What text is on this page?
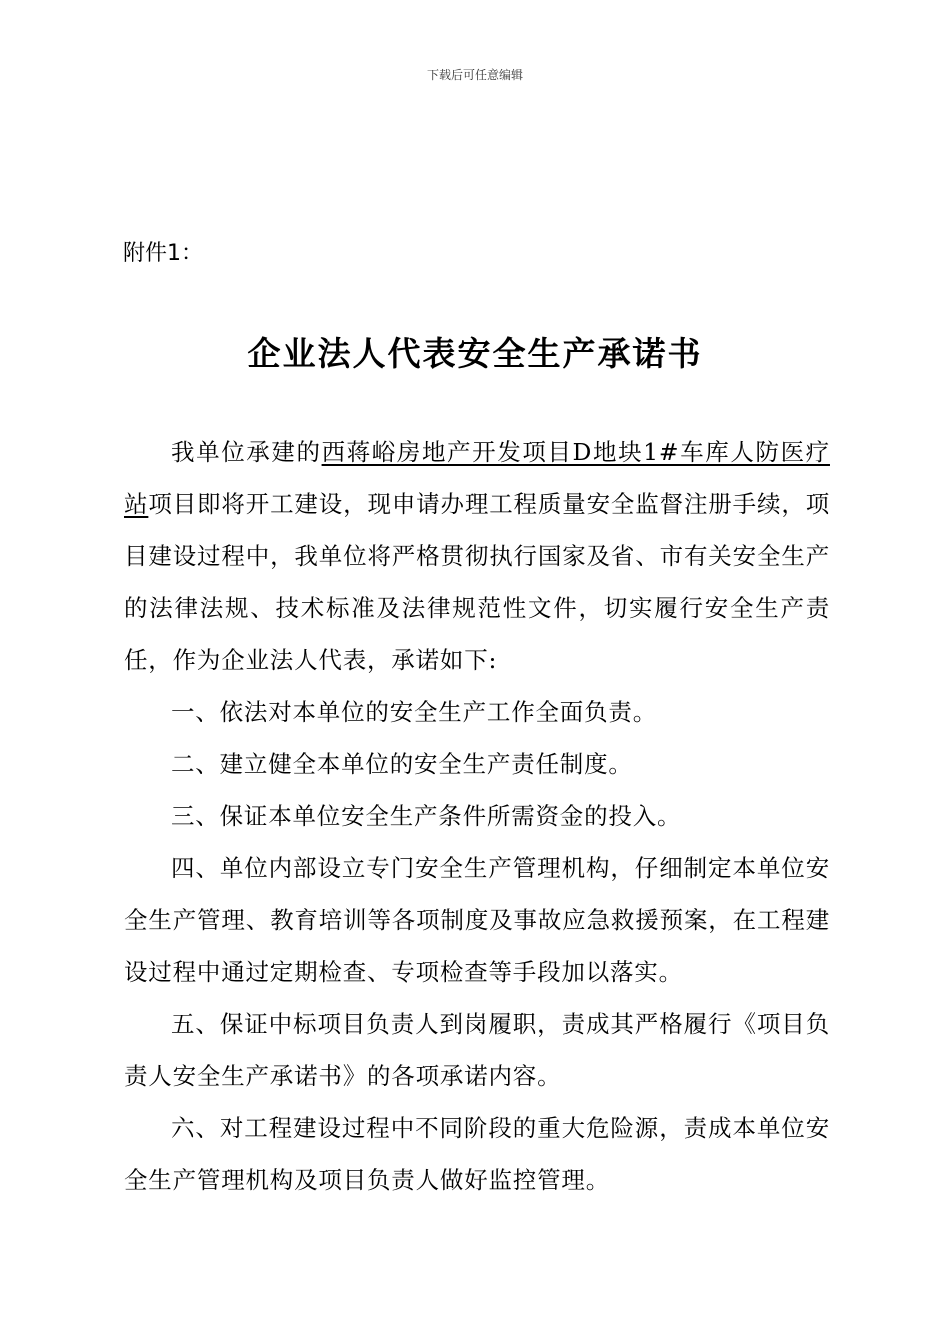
下载后可任意编辑
附件1：
企业法人代表安全生产承诺书

我单位承建的西蒋峪房地产开发项目D地块1#车库人防医疗站项目即将开工建设，现申请办理工程质量安全监督注册手续，项目建设过程中，我单位将严格贯彻执行国家及省、市有关安全生产的法律法规、技术标准及法律规范性文件，切实履行安全生产责任，作为企业法人代表，承诺如下:

一、依法对本单位的安全生产工作全面负责。

二、建立健全本单位的安全生产责任制度。

三、保证本单位安全生产条件所需资金的投入。

四、单位内部设立专门安全生产管理机构，仔细制定本单位安全生产管理、教育培训等各项制度及事故应急救援预案，在工程建设过程中通过定期检查、专项检查等手段加以落实。

五、保证中标项目负责人到岗履职，责成其严格履行《项目负责人安全生产承诺书》的各项承诺内容。

六、对工程建设过程中不同阶段的重大危险源，责成本单位安全生产管理机构及项目负责人做好监控管理。
